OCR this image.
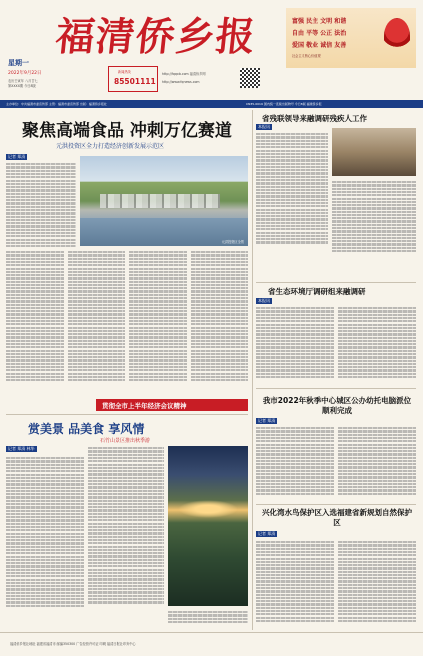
福清侨乡报
星期一
2022年9月22日
农历壬寅年 八月廿七
第XXXX期 今日8版
新闻热线
85501111
http://fqqxb.com 福清侨乡网
http://www.fqnews.com
富强 民主 文明 和谐
自由 平等 公正 法治
爱国 敬业 诚信 友善
社会主义核心价值观
主办单位：中共福清市委宣传部 主管：福清市委宣传部 出版：福清侨乡报社	CN35-0019 国内统一连续出版物号 今日8版 福建侨乡报
聚焦高端食品 冲刺万亿赛道
元洪投资区全力打造经济创新发展示范区
记者 郑清
元洪投资区全景
省残联领导来融调研残疾人工作
本报讯
省生态环境厅调研组来融调研
本报讯
我市2022年秋季中心城区公办幼托电脑派位顺利完成
记者 郑清
兴化湾水鸟保护区入选福建省新规划自然保护区
记者 郑清
贯彻全市上半年经济会议精神
赏美景 品美食 享风情
石竹山景区推出秋季游
记者 郑清 林华
福清侨乡报社地址 福建省福清市 邮编350300 广告经营许可证 印刷 福清日报社印务中心
